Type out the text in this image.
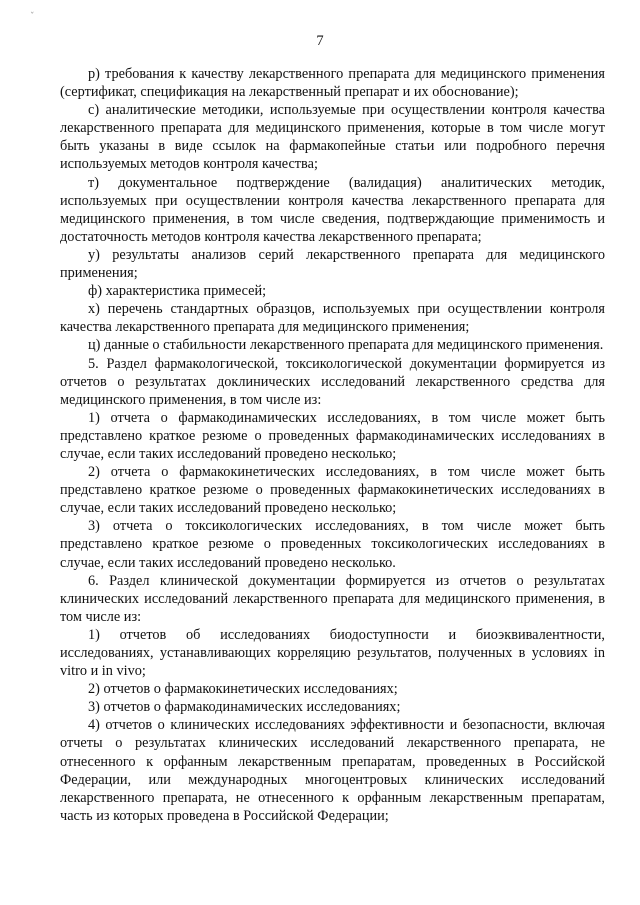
ˇ
7

р) требования к качеству лекарственного препарата для медицинского применения (сертификат, спецификация на лекарственный препарат и их обоснование);

с) аналитические методики, используемые при осуществлении контроля качества лекарственного препарата для медицинского применения, которые в том числе могут быть указаны в виде ссылок на фармакопейные статьи или подробного перечня используемых методов контроля качества;

т) документальное подтверждение (валидация) аналитических методик, используемых при осуществлении контроля качества лекарственного препарата для медицинского применения, в том числе сведения, подтверждающие применимость и достаточность методов контроля качества лекарственного препарата;

у) результаты анализов серий лекарственного препарата для медицинского применения;

ф) характеристика примесей;

х) перечень стандартных образцов, используемых при осуществлении контроля качества лекарственного препарата для медицинского применения;

ц) данные о стабильности лекарственного препарата для медицинского применения.

5. Раздел фармакологической, токсикологической документации формируется из отчетов о результатах доклинических исследований лекарственного средства для медицинского применения, в том числе из:

1) отчета о фармакодинамических исследованиях, в том числе может быть представлено краткое резюме о проведенных фармакодинамических исследованиях в случае, если таких исследований проведено несколько;

2) отчета о фармакокинетических исследованиях, в том числе может быть представлено краткое резюме о проведенных фармакокинетических исследованиях в случае, если таких исследований проведено несколько;

3) отчета о токсикологических исследованиях, в том числе может быть представлено краткое резюме о проведенных токсикологических исследованиях в случае, если таких исследований проведено несколько.

6. Раздел клинической документации формируется из отчетов о результатах клинических исследований лекарственного препарата для медицинского применения, в том числе из:

1) отчетов об исследованиях биодоступности и биоэквивалентности, исследованиях, устанавливающих корреляцию результатов, полученных в условиях in vitro и in vivo;

2) отчетов о фармакокинетических исследованиях;

3) отчетов о фармакодинамических исследованиях;

4) отчетов о клинических исследованиях эффективности и безопасности, включая отчеты о результатах клинических исследований лекарственного препарата, не отнесенного к орфанным лекарственным препаратам, проведенных в Российской Федерации, или международных многоцентровых клинических исследований лекарственного препарата, не отнесенного к орфанным лекарственным препаратам, часть из которых проведена в Российской Федерации;
